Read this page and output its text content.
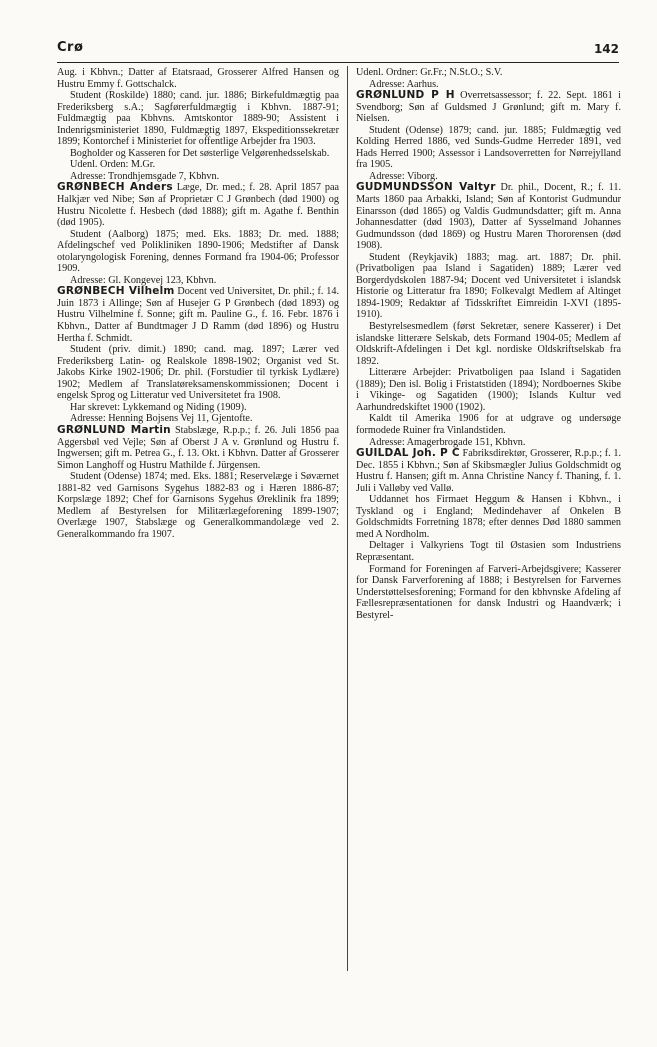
Crø	142

Aug. i Kbhvn.; Datter af Etatsraad, Grosserer Alfred Hansen og Hustru Emmy f. Gottschalck.

Student (Roskilde) 1880; cand. jur. 1886; Birkefuldmægtig paa Frederiksberg s.A.; Sagførerfuldmægtig i Kbhvn. 1887-91; Fuldmægtig paa Kbhvns. Amtskontor 1889-90; Assistent i Indenrigsministeriet 1890, Fuldmægtig 1897, Ekspeditionssekretær 1899; Kontorchef i Ministeriet for offentlige Arbejder fra 1903.

Bogholder og Kasseren for Det søsterlige Velgørenhedsselskab.

Udenl. Orden: M.Gr.

Adresse: Trondhjemsgade 7, Kbhvn.

GRØNBECH Anders Læge, Dr. med.; f. 28. April 1857 paa Halkjær ved Nibe; Søn af Proprietær C J Grønbech (død 1900) og Hustru Nicolette f. Hesbech (død 1888); gift m. Agathe f. Benthin (død 1905).

Student (Aalborg) 1875; med. Eks. 1883; Dr. med. 1888; Afdelingschef ved Polikliniken 1890-1906; Medstifter af Dansk otolaryngologisk Forening, dennes Formand fra 1904-06; Professor 1909.

Adresse: Gl. Kongevej 123, Kbhvn.

GRØNBECH Vilhelm Docent ved Universitet, Dr. phil.; f. 14. Juin 1873 i Allinge; Søn af Husejer G P Grønbech (død 1893) og Hustru Vilhelmine f. Sonne; gift m. Pauline G., f. 16. Febr. 1876 i Kbhvn., Datter af Bundtmager J D Ramm (død 1896) og Hustru Hertha f. Schmidt.

Student (priv. dimit.) 1890; cand. mag. 1897; Lærer ved Frederiksberg Latin- og Realskole 1898-1902; Organist ved St. Jakobs Kirke 1902-1906; Dr. phil. (Forstudier til tyrkisk Lydlære) 1902; Medlem af Translatøreksamenskommissionen; Docent i engelsk Sprog og Litteratur ved Universitetet fra 1908.

Har skrevet: Lykkemand og Niding (1909).

Adresse: Henning Bojsens Vej 11, Gjentofte.

GRØNLUND Martin Stabslæge, R.p.p.; f. 26. Juli 1856 paa Aggersbøl ved Vejle; Søn af Oberst J A v. Grønlund og Hustru f. Ingwersen; gift m. Petrea G., f. 13. Okt. i Kbhvn. Datter af Grosserer Simon Langhoff og Hustru Mathilde f. Jürgensen.

Student (Odense) 1874; med. Eks. 1881; Reservelæge i Søværnet 1881-82 ved Garnisons Sygehus 1882-83 og i Hæren 1886-87; Korpslæge 1892; Chef for Garnisons Sygehus Øreklinik fra 1899; Medlem af Bestyrelsen for Militærlægeforening 1899-1907; Overlæge 1907, Stabslæge og Generalkommandolæge ved 2. Generalkommando fra 1907.

Udenl. Ordner: Gr.Fr.; N.St.O.; S.V.

Adresse: Aarhus.

GRØNLUND P H Overretsassessor; f. 22. Sept. 1861 i Svendborg; Søn af Guldsmed J Grønlund; gift m. Mary f. Nielsen.

Student (Odense) 1879; cand. jur. 1885; Fuldmægtig ved Kolding Herred 1886, ved Sunds-Gudme Herreder 1891, ved Hads Herred 1900; Assessor i Landsoverretten for Nørrejylland fra 1905.

Adresse: Viborg.

GUDMUNDSSON Valtyr Dr. phil., Docent, R.; f. 11. Marts 1860 paa Arbakki, Island; Søn af Kontorist Gudmundur Einarsson (død 1865) og Valdis Gudmundsdatter; gift m. Anna Johannesdatter (død 1903), Datter af Sysselmand Johannes Gudmundsson (død 1869) og Hustru Maren Thororensen (død 1908).

Student (Reykjavik) 1883; mag. art. 1887; Dr. phil. (Privatboligen paa Island i Sagatiden) 1889; Lærer ved Borgerdydskolen 1887-94; Docent ved Universitetet i islandsk Historie og Litteratur fra 1890; Folkevalgt Medlem af Altinget 1894-1909; Redaktør af Tidsskriftet Eimreidin I-XVI (1895-1910).

Bestyrelsesmedlem (først Sekretær, senere Kasserer) i Det islandske litterære Selskab, dets Formand 1904-05; Medlem af Oldskrift-Afdelingen i Det kgl. nordiske Oldskriftselskab fra 1892.

Litterære Arbejder: Privatboligen paa Island i Sagatiden (1889); Den isl. Bolig i Fristatstiden (1894); Nordboernes Skibe i Vikinge- og Sagatiden (1900); Islands Kultur ved Aarhundredskiftet 1900 (1902).

Kaldt til Amerika 1906 for at udgrave og undersøge formodede Ruiner fra Vinlandstiden.

Adresse: Amagerbrogade 151, Kbhvn.

GUILDAL Joh. P C Fabriksdirektør, Grosserer, R.p.p.; f. 1. Dec. 1855 i Kbhvn.; Søn af Skibsmægler Julius Goldschmidt og Hustru f. Hansen; gift m. Anna Christine Nancy f. Thaning, f. 1. Juli i Valløby ved Vallø.

Uddannet hos Firmaet Heggum & Hansen i Kbhvn., i Tyskland og i England; Medindehaver af Onkelen B Goldschmidts Forretning 1878; efter dennes Død 1880 sammen med A Nordholm.

Deltager i Valkyriens Togt til Østasien som Industriens Repræsentant.

Formand for Foreningen af Farveri-Arbejdsgivere; Kasserer for Dansk Farverforening af 1888; i Bestyrelsen for Farvernes Understøttelsesforening; Formand for den kbhvnske Afdeling af Fællesrepræsentationen for dansk Industri og Haandværk; i Bestyrel-
